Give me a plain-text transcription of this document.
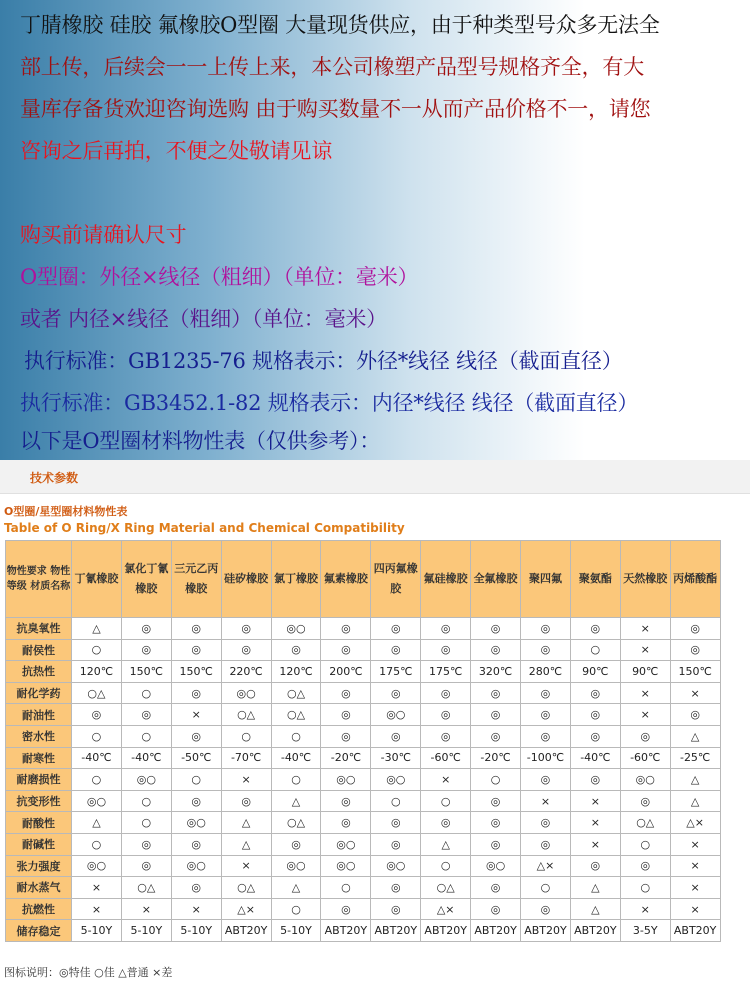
丁腈橡胶 硅胶 氟橡胶O型圈 大量现货供应，由于种类型号众多无法全
部上传，后续会一一上传上来，本公司橡塑产品型号规格齐全，有大
量库存备货欢迎咨询选购 由于购买数量不一从而产品价格不一，请您
咨询之后再拍，不便之处敬请见谅
购买前请确认尺寸
O型圈：外径×线径（粗细）（单位：毫米）
或者 内径×线径（粗细）（单位：毫米）
执行标准：GB1235-76 规格表示：外径*线径 线径（截面直径）
执行标准：GB3452.1-82 规格表示：内径*线径 线径（截面直径）
以下是O型圈材料物性表（仅供参考）：
技术参数
O型圈/星型圈材料物性表
Table of O Ring/X Ring Material and Chemical Compatibility
物性要求 物性等级 材质名称	丁氰橡胶	氯化丁氰橡胶	三元乙丙橡胶	硅矽橡胶	氯丁橡胶	氟素橡胶	四丙氟橡胶	氟硅橡胶	全氟橡胶	聚四氟	聚氨酯	天然橡胶	丙烯酸酯
抗臭氧性	△	◎	◎	◎	◎○	◎	◎	◎	◎	◎	◎	×	◎
耐侯性	○	◎	◎	◎	◎	◎	◎	◎	◎	◎	○	×	◎
抗热性	120℃	150℃	150℃	220℃	120℃	200℃	175℃	175℃	320℃	280℃	90℃	90℃	150℃
耐化学药	○△	○	◎	◎○	○△	◎	◎	◎	◎	◎	◎	×	×
耐油性	◎	◎	×	○△	○△	◎	◎○	◎	◎	◎	◎	×	◎
密水性	○	○	◎	○	○	◎	◎	◎	◎	◎	◎	◎	△
耐寒性	-40℃	-40℃	-50℃	-70℃	-40℃	-20℃	-30℃	-60℃	-20℃	-100℃	-40℃	-60℃	-25℃
耐磨损性	○	◎○	○	×	○	◎○	◎○	×	○	◎	◎	◎○	△
抗变形性	◎○	○	◎	◎	△	◎	○	○	◎	×	×	◎	△
耐酸性	△	○	◎○	△	○△	◎	◎	◎	◎	◎	×	○△	△×
耐碱性	○	◎	◎	△	◎	◎○	◎	△	◎	◎	×	○	×
张力强度	◎○	◎	◎○	×	◎○	◎○	◎○	○	◎○	△×	◎	◎	×
耐水蒸气	×	○△	◎	○△	△	○	◎	○△	◎	○	△	○	×
抗燃性	×	×	×	△×	○	◎	◎	△×	◎	◎	△	×	×
储存稳定	5-10Y	5-10Y	5-10Y	ABT20Y	5-10Y	ABT20Y	ABT20Y	ABT20Y	ABT20Y	ABT20Y	ABT20Y	3-5Y	ABT20Y
图标说明：◎特佳 ○佳 △普通 ×差
